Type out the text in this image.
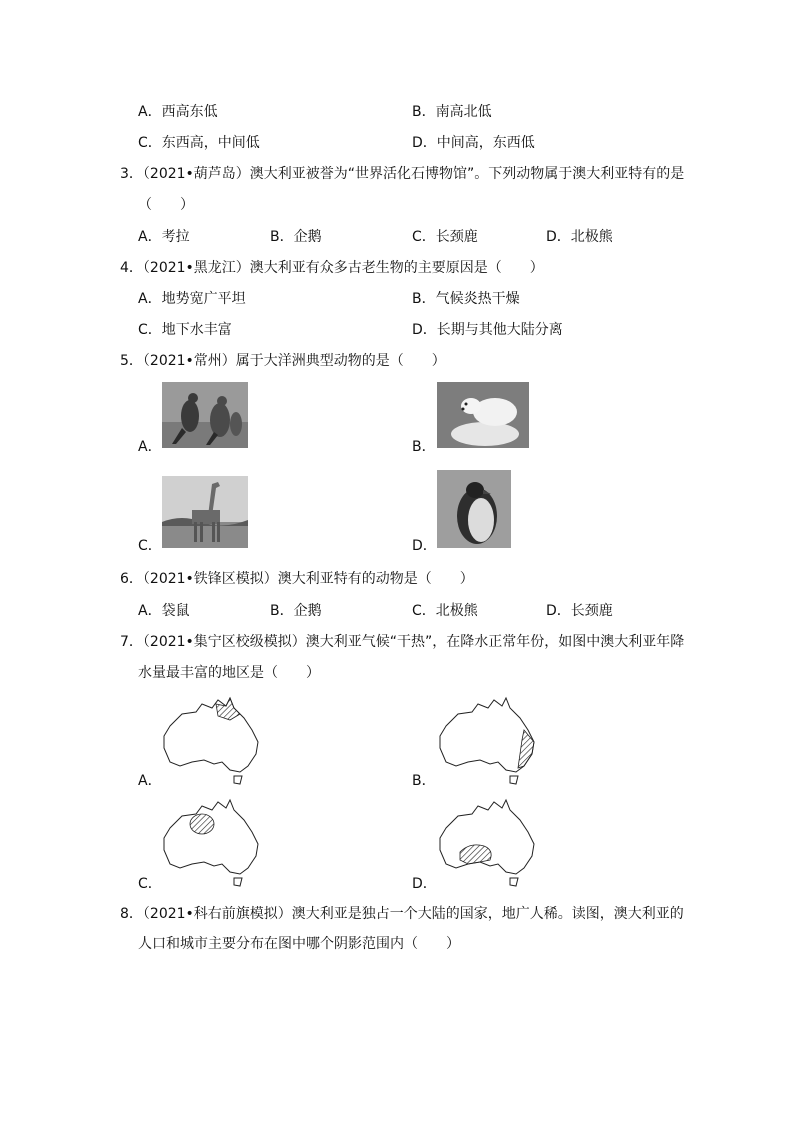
A．西高东低	B．南高北低
C．东西高，中间低	D．中间高，东西低
3．（2021•葫芦岛）澳大利亚被誉为“世界活化石博物馆”。下列动物属于澳大利亚特有的是
（　　）
A．考拉	B．企鹅	C．长颈鹿	D．北极熊
4．（2021•黑龙江）澳大利亚有众多古老生物的主要原因是（　　）
A．地势宽广平坦	B．气候炎热干燥
C．地下水丰富	D．长期与其他大陆分离
5．（2021•常州）属于大洋洲典型动物的是（　　）
A．	B．
C．	D．
6．（2021•铁锋区模拟）澳大利亚特有的动物是（　　）
A．袋鼠	B．企鹅	C．北极熊	D．长颈鹿
7．（2021•集宁区校级模拟）澳大利亚气候“干热”，在降水正常年份，如图中澳大利亚年降
水量最丰富的地区是（　　）
A．	B．
C．	D．
8．（2021•科右前旗模拟）澳大利亚是独占一个大陆的国家，地广人稀。读图，澳大利亚的
人口和城市主要分布在图中哪个阴影范围内（　　）
